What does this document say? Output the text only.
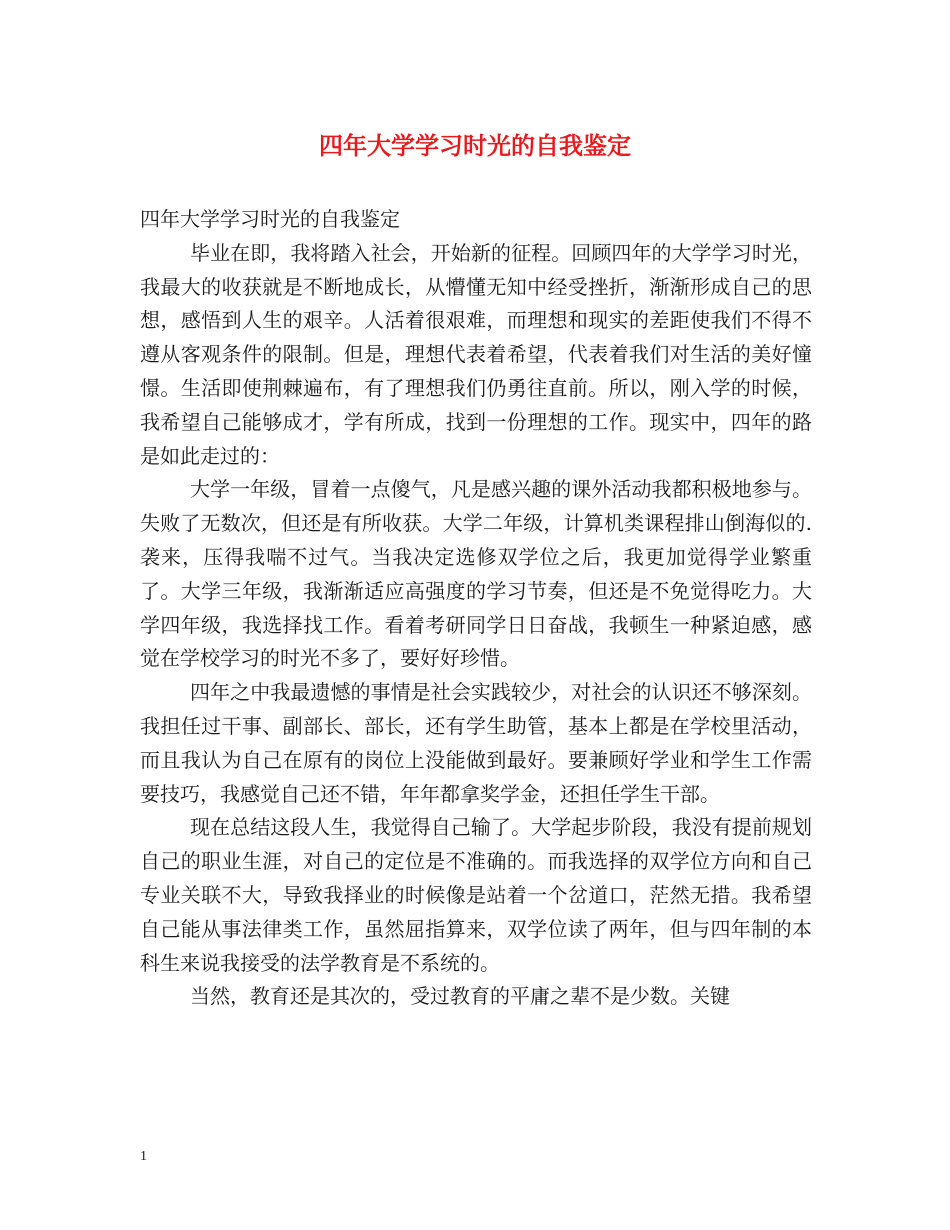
四年大学学习时光的自我鉴定

四年大学学习时光的自我鉴定

毕业在即，我将踏入社会，开始新的征程。回顾四年的大学学习时光，我最大的收获就是不断地成长，从懵懂无知中经受挫折，渐渐形成自己的思想，感悟到人生的艰辛。人活着很艰难，而理想和现实的差距使我们不得不遵从客观条件的限制。但是，理想代表着希望，代表着我们对生活的美好憧憬。生活即使荆棘遍布，有了理想我们仍勇往直前。所以，刚入学的时候，我希望自己能够成才，学有所成，找到一份理想的工作。现实中，四年的路是如此走过的：

大学一年级，冒着一点傻气，凡是感兴趣的课外活动我都积极地参与。失败了无数次，但还是有所收获。大学二年级，计算机类课程排山倒海似的.袭来，压得我喘不过气。当我决定选修双学位之后，我更加觉得学业繁重了。大学三年级，我渐渐适应高强度的学习节奏，但还是不免觉得吃力。大学四年级，我选择找工作。看着考研同学日日奋战，我顿生一种紧迫感，感觉在学校学习的时光不多了，要好好珍惜。

四年之中我最遗憾的事情是社会实践较少，对社会的认识还不够深刻。我担任过干事、副部长、部长，还有学生助管，基本上都是在学校里活动，而且我认为自己在原有的岗位上没能做到最好。要兼顾好学业和学生工作需要技巧，我感觉自己还不错，年年都拿奖学金，还担任学生干部。

现在总结这段人生，我觉得自己输了。大学起步阶段，我没有提前规划自己的职业生涯，对自己的定位是不准确的。而我选择的双学位方向和自己专业关联不大，导致我择业的时候像是站着一个岔道口，茫然无措。我希望自己能从事法律类工作，虽然屈指算来，双学位读了两年，但与四年制的本科生来说我接受的法学教育是不系统的。

当然，教育还是其次的，受过教育的平庸之辈不是少数。关键

1
